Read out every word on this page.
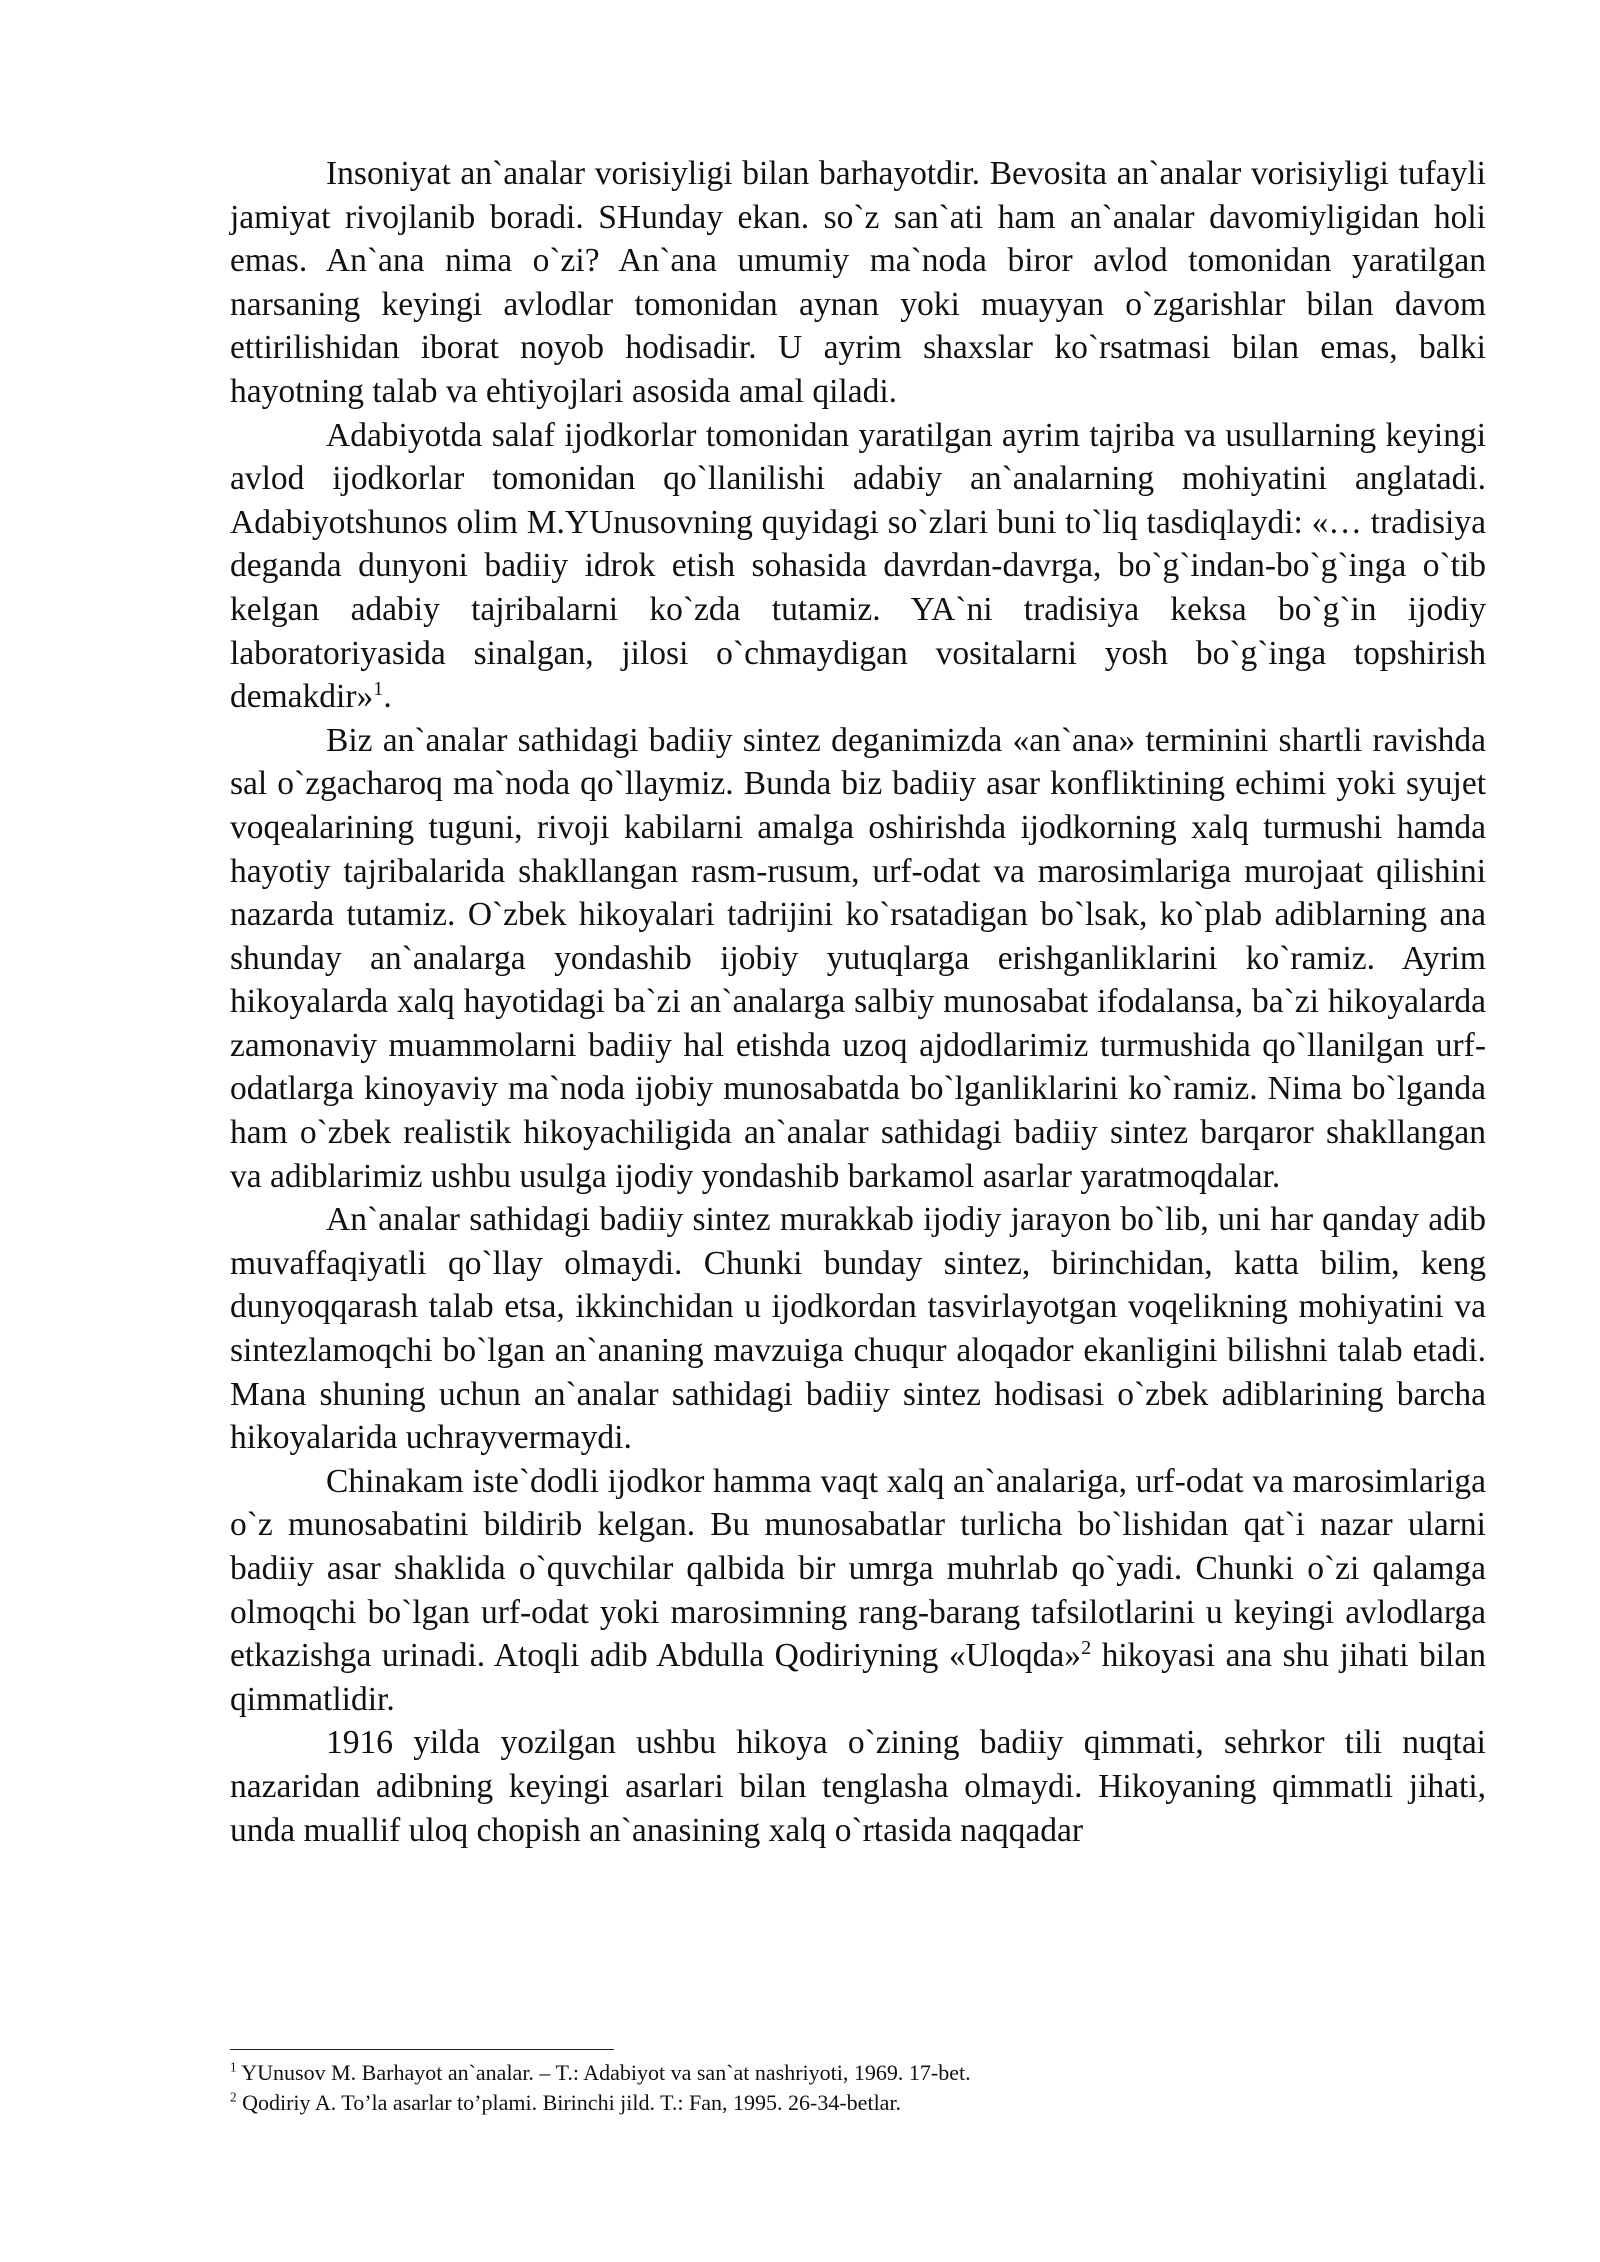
Insoniyat an`analar vorisiyligi bilan barhayotdir. Bevosita an`analar vorisiyligi tufayli jamiyat rivojlanib boradi. SHunday ekan. so`z san`ati ham an`analar davomiyligidan holi emas. An`ana nima o`zi? An`ana umumiy ma`noda biror avlod tomonidan yaratilgan narsaning keyingi avlodlar tomonidan aynan yoki muayyan o`zgarishlar bilan davom ettirilishidan iborat noyob hodisadir. U ayrim shaxslar ko`rsatmasi bilan emas, balki hayotning talab va ehtiyojlari asosida amal qiladi.

Adabiyotda salaf ijodkorlar tomonidan yaratilgan ayrim tajriba va usullarning keyingi avlod ijodkorlar tomonidan qo`llanilishi adabiy an`analarning mohiyatini anglatadi. Adabiyotshunos olim M.YUnusovning quyidagi so`zlari buni to`liq tasdiqlaydi: «… tradisiya deganda dunyoni badiiy idrok etish sohasida davrdan-davrga, bo`g`indan-bo`g`inga o`tib kelgan adabiy tajribalarni ko`zda tutamiz. YA`ni tradisiya keksa bo`g`in ijodiy laboratoriyasida sinalgan, jilosi o`chmaydigan vositalarni yosh bo`g`inga topshirish demakdir»$^1$.

Biz an`analar sathidagi badiiy sintez deganimizda «an`ana» terminini shartli ravishda sal o`zgacharoq ma`noda qo`llaymiz. Bunda biz badiiy asar konfliktining echimi yoki syujet voqealarining tuguni, rivoji kabilarni amalga oshirishda ijodkorning xalq turmushi hamda hayotiy tajribalarida shakllangan rasm-rusum, urf-odat va marosimlariga murojaat qilishini nazarda tutamiz. O`zbek hikoyalari tadrijini ko`rsatadigan bo`lsak, ko`plab adiblarning ana shunday an`analarga yondashib ijobiy yutuqlarga erishganliklarini ko`ramiz. Ayrim hikoyalarda xalq hayotidagi ba`zi an`analarga salbiy munosabat ifodalansa, ba`zi hikoyalarda zamonaviy muammolarni badiiy hal etishda uzoq ajdodlarimiz turmushida qo`llanilgan urf-odatlarga kinoyaviy ma`noda ijobiy munosabatda bo`lganliklarini ko`ramiz. Nima bo`lganda ham o`zbek realistik hikoyachiligida an`analar sathidagi badiiy sintez barqaror shakllangan va adiblarimiz ushbu usulga ijodiy yondashib barkamol asarlar yaratmoqdalar.

An`analar sathidagi badiiy sintez murakkab ijodiy jarayon bo`lib, uni har qanday adib muvaffaqiyatli qo`llay olmaydi. Chunki bunday sintez, birinchidan, katta bilim, keng dunyoqqarash talab etsa, ikkinchidan u ijodkordan tasvirlayotgan voqelikning mohiyatini va sintezlamoqchi bo`lgan an`ananing mavzuiga chuqur aloqador ekanligini bilishni talab etadi. Mana shuning uchun an`analar sathidagi badiiy sintez hodisasi o`zbek adiblarining barcha hikoyalarida uchrayvermaydi.

Chinakam iste`dodli ijodkor hamma vaqt xalq an`analariga, urf-odat va marosimlariga o`z munosabatini bildirib kelgan. Bu munosabatlar turlicha bo`lishidan qat`i nazar ularni badiiy asar shaklida o`quvchilar qalbida bir umrga muhrlab qo`yadi. Chunki o`zi qalamga olmoqchi bo`lgan urf-odat yoki marosimning rang-barang tafsilotlarini u keyingi avlodlarga etkazishga urinadi. Atoqli adib Abdulla Qodiriyning «Uloqda»$^2$ hikoyasi ana shu jihati bilan qimmatlidir.

1916 yilda yozilgan ushbu hikoya o`zining badiiy qimmati, sehrkor tili nuqtai nazaridan adibning keyingi asarlari bilan tenglasha olmaydi. Hikoyaning qimmatli jihati, unda muallif uloq chopish an`anasining xalq o`rtasida naqqadar

$^1$ YUnusov M. Barhayot an`analar. – T.: Adabiyot va san`at nashriyoti, 1969. 17-bet.

$^2$ Qodiriy A. To’la asarlar to’plami. Birinchi jild. T.: Fan, 1995. 26-34-betlar.
